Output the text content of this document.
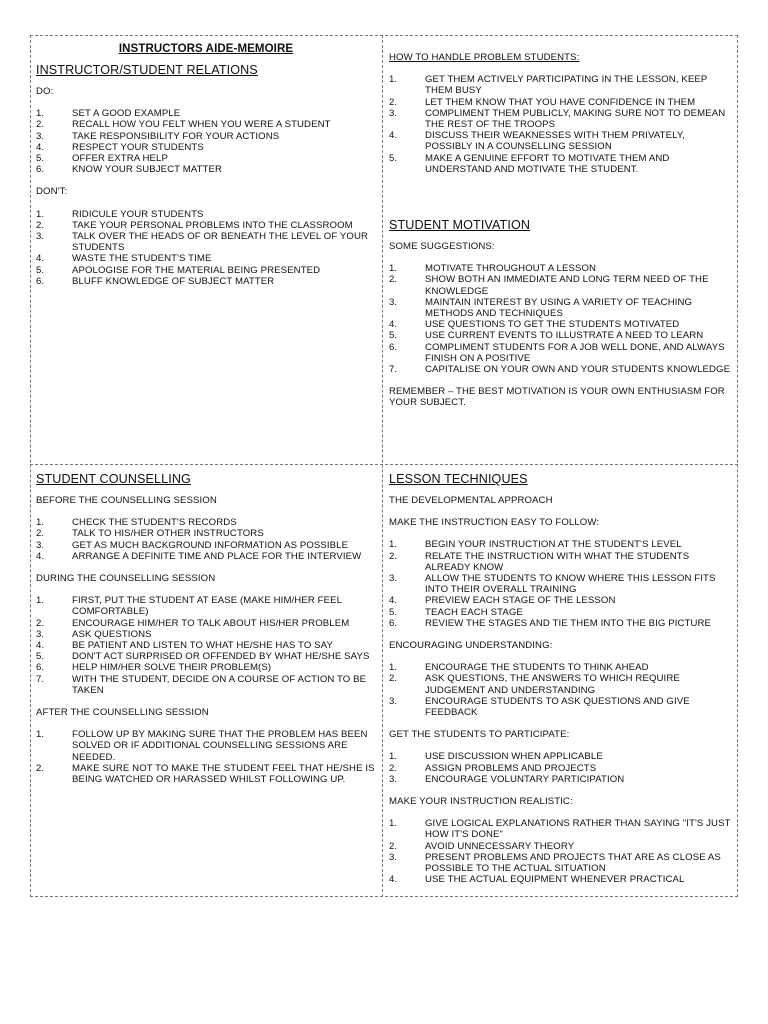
INSTRUCTORS AIDE-MEMOIRE
INSTRUCTOR/STUDENT RELATIONS

DO:

1.	SET A GOOD EXAMPLE
2.	RECALL HOW YOU FELT WHEN YOU WERE A STUDENT
3.	TAKE RESPONSIBILITY FOR YOUR ACTIONS
4.	RESPECT YOUR STUDENTS
5.	OFFER EXTRA HELP
6.	KNOW YOUR SUBJECT MATTER

DON'T:

1.	RIDICULE YOUR STUDENTS
2.	TAKE YOUR PERSONAL PROBLEMS INTO THE CLASSROOM
3.	TALK OVER THE HEADS OF OR BENEATH THE LEVEL OF YOUR STUDENTS
4.	WASTE THE STUDENT'S TIME
5.	APOLOGISE FOR THE MATERIAL BEING PRESENTED
6.	BLUFF KNOWLEDGE OF SUBJECT MATTER

HOW TO HANDLE PROBLEM STUDENTS:

1.	GET THEM ACTIVELY PARTICIPATING IN THE LESSON, KEEP THEM BUSY
2.	LET THEM KNOW THAT YOU HAVE CONFIDENCE IN THEM
3.	COMPLIMENT THEM PUBLICLY, MAKING SURE NOT TO DEMEAN THE REST OF THE TROOPS
4.	DISCUSS THEIR WEAKNESSES WITH THEM PRIVATELY, POSSIBLY IN A COUNSELLING SESSION
5.	MAKE A GENUINE EFFORT TO MOTIVATE THEM AND UNDERSTAND AND MOTIVATE THE STUDENT.
STUDENT MOTIVATION

SOME SUGGESTIONS:

1.	MOTIVATE THROUGHOUT A LESSON
2.	SHOW BOTH AN IMMEDIATE AND LONG TERM NEED OF THE KNOWLEDGE
3.	MAINTAIN INTEREST BY USING A VARIETY OF TEACHING METHODS AND TECHNIQUES
4.	USE QUESTIONS TO GET THE STUDENTS MOTIVATED
5.	USE CURRENT EVENTS TO ILLUSTRATE A NEED TO LEARN
6.	COMPLIMENT STUDENTS FOR A JOB WELL DONE, AND ALWAYS FINISH ON A POSITIVE
7.	CAPITALISE ON YOUR OWN AND YOUR STUDENTS KNOWLEDGE

REMEMBER – THE BEST MOTIVATION IS YOUR OWN ENTHUSIASM FOR YOUR SUBJECT.

STUDENT COUNSELLING

BEFORE THE COUNSELLING SESSION

1.	CHECK THE STUDENT'S RECORDS
2.	TALK TO HIS/HER OTHER INSTRUCTORS
3.	GET AS MUCH BACKGROUND INFORMATION AS POSSIBLE
4.	ARRANGE A DEFINITE TIME AND PLACE FOR THE INTERVIEW

DURING THE COUNSELLING SESSION

1.	FIRST, PUT THE STUDENT AT EASE (MAKE HIM/HER FEEL COMFORTABLE)
2.	ENCOURAGE HIM/HER TO TALK ABOUT HIS/HER PROBLEM
3.	ASK QUESTIONS
4.	BE PATIENT AND LISTEN TO WHAT HE/SHE HAS TO SAY
5.	DON'T ACT SURPRISED OR OFFENDED BY WHAT HE/SHE SAYS
6.	HELP HIM/HER SOLVE THEIR PROBLEM(S)
7.	WITH THE STUDENT, DECIDE ON A COURSE OF ACTION TO BE TAKEN

AFTER THE COUNSELLING SESSION

1.	FOLLOW UP BY MAKING SURE THAT THE PROBLEM HAS BEEN SOLVED OR IF ADDITIONAL COUNSELLING SESSIONS ARE NEEDED.
2.	MAKE SURE NOT TO MAKE THE STUDENT FEEL THAT HE/SHE IS BEING WATCHED OR HARASSED WHILST FOLLOWING UP.
LESSON TECHNIQUES

THE DEVELOPMENTAL APPROACH

MAKE THE INSTRUCTION EASY TO FOLLOW:

1.	BEGIN YOUR INSTRUCTION AT THE STUDENT'S LEVEL
2.	RELATE THE INSTRUCTION WITH WHAT THE STUDENTS ALREADY KNOW
3.	ALLOW THE STUDENTS TO KNOW WHERE THIS LESSON FITS INTO THEIR OVERALL TRAINING
4.	PREVIEW EACH STAGE OF THE LESSON
5.	TEACH EACH STAGE
6.	REVIEW THE STAGES AND TIE THEM INTO THE BIG PICTURE

ENCOURAGING UNDERSTANDING:

1.	ENCOURAGE THE STUDENTS TO THINK AHEAD
2.	ASK QUESTIONS, THE ANSWERS TO WHICH REQUIRE JUDGEMENT AND UNDERSTANDING
3.	ENCOURAGE STUDENTS TO ASK QUESTIONS AND GIVE FEEDBACK

GET THE STUDENTS TO PARTICIPATE:

1.	USE DISCUSSION WHEN APPLICABLE
2.	ASSIGN PROBLEMS AND PROJECTS
3.	ENCOURAGE VOLUNTARY PARTICIPATION

MAKE YOUR INSTRUCTION REALISTIC:

1.	GIVE LOGICAL EXPLANATIONS RATHER THAN SAYING "IT'S JUST HOW IT'S DONE"
2.	AVOID UNNECESSARY THEORY
3.	PRESENT PROBLEMS AND PROJECTS THAT ARE AS CLOSE AS POSSIBLE TO THE ACTUAL SITUATION
4.	USE THE ACTUAL EQUIPMENT WHENEVER PRACTICAL
